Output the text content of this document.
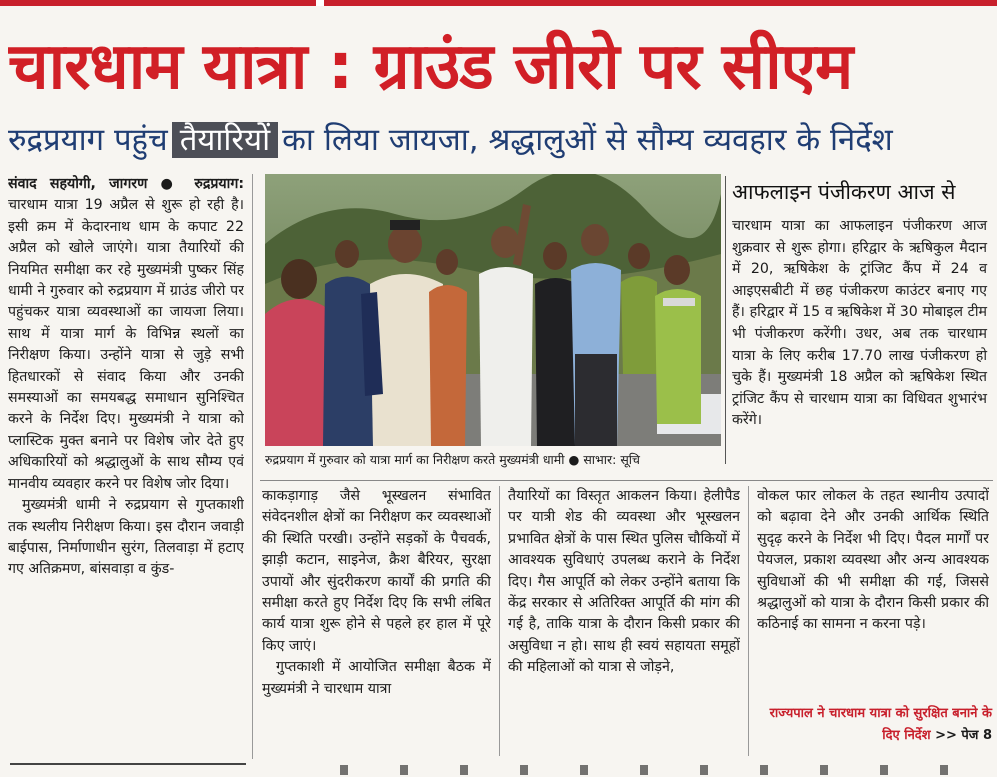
चारधाम यात्रा : ग्राउंड जीरो पर सीएम
रुद्रप्रयाग पहुंच तैयारियों का लिया जायजा, श्रद्धालुओं से सौम्य व्यवहार के निर्देश

संवाद सहयोगी, जागरण ● रुद्रप्रयाग: चारधाम यात्रा 19 अप्रैल से शुरू हो रही है। इसी क्रम में केदारनाथ धाम के कपाट 22 अप्रैल को खोले जाएंगे। यात्रा तैयारियों की नियमित समीक्षा कर रहे मुख्यमंत्री पुष्कर सिंह धामी ने गुरुवार को रुद्रप्रयाग में ग्राउंड जीरो पर पहुंचकर यात्रा व्यवस्थाओं का जायजा लिया। साथ में यात्रा मार्ग के विभिन्न स्थलों का निरीक्षण किया। उन्होंने यात्रा से जुड़े सभी हितधारकों से संवाद किया और उनकी समस्याओं का समयबद्ध समाधान सुनिश्चित करने के निर्देश दिए। मुख्यमंत्री ने यात्रा को प्लास्टिक मुक्त बनाने पर विशेष जोर देते हुए अधिकारियों को श्रद्धालुओं के साथ सौम्य एवं मानवीय व्यवहार करने पर विशेष जोर दिया।

मुख्यमंत्री धामी ने रुद्रप्रयाग से गुप्तकाशी तक स्थलीय निरीक्षण किया। इस दौरान जवाड़ी बाईपास, निर्माणाधीन सुरंग, तिलवाड़ा में हटाए गए अतिक्रमण, बांसवाड़ा व कुंड-

रुद्रप्रयाग में गुरुवार को यात्रा मार्ग का निरीक्षण करते मुख्यमंत्री धामी ● साभार: सूचि
आफलाइन पंजीकरण आज से
चारधाम यात्रा का आफलाइन पंजीकरण आज शुक्रवार से शुरू होगा। हरिद्वार के ऋषिकुल मैदान में 20, ऋषिकेश के ट्रांजिट कैंप में 24 व आइएसबीटी में छह पंजीकरण काउंटर बनाए गए हैं। हरिद्वार में 15 व ऋषिकेश में 30 मोबाइल टीम भी पंजीकरण करेंगी। उधर, अब तक चारधाम यात्रा के लिए करीब 17.70 लाख पंजीकरण हो चुके हैं। मुख्यमंत्री 18 अप्रैल को ऋषिकेश स्थित ट्रांजिट कैंप से चारधाम यात्रा का विधिवत शुभारंभ करेंगे।

काकड़ागाड़ जैसे भूस्खलन संभावित संवेदनशील क्षेत्रों का निरीक्षण कर व्यवस्थाओं की स्थिति परखी। उन्होंने सड़कों के पैचवर्क, झाड़ी कटान, साइनेज, क्रैश बैरियर, सुरक्षा उपायों और सुंदरीकरण कार्यों की प्रगति की समीक्षा करते हुए निर्देश दिए कि सभी लंबित कार्य यात्रा शुरू होने से पहले हर हाल में पूरे किए जाएं।

गुप्तकाशी में आयोजित समीक्षा बैठक में मुख्यमंत्री ने चारधाम यात्रा

तैयारियों का विस्तृत आकलन किया। हेलीपैड पर यात्री शेड की व्यवस्था और भूस्खलन प्रभावित क्षेत्रों के पास स्थित पुलिस चौकियों में आवश्यक सुविधाएं उपलब्ध कराने के निर्देश दिए। गैस आपूर्ति को लेकर उन्होंने बताया कि केंद्र सरकार से अतिरिक्त आपूर्ति की मांग की गई है, ताकि यात्रा के दौरान किसी प्रकार की असुविधा न हो। साथ ही स्वयं सहायता समूहों की महिलाओं को यात्रा से जोड़ने,

वोकल फार लोकल के तहत स्थानीय उत्पादों को बढ़ावा देने और उनकी आर्थिक स्थिति सुदृढ़ करने के निर्देश भी दिए। पैदल मार्गों पर पेयजल, प्रकाश व्यवस्था और अन्य आवश्यक सुविधाओं की भी समीक्षा की गई, जिससे श्रद्धालुओं को यात्रा के दौरान किसी प्रकार की कठिनाई का सामना न करना पड़े।

राज्यपाल ने चारधाम यात्रा को सुरक्षित बनाने के दिए निर्देश >> पेज 8
